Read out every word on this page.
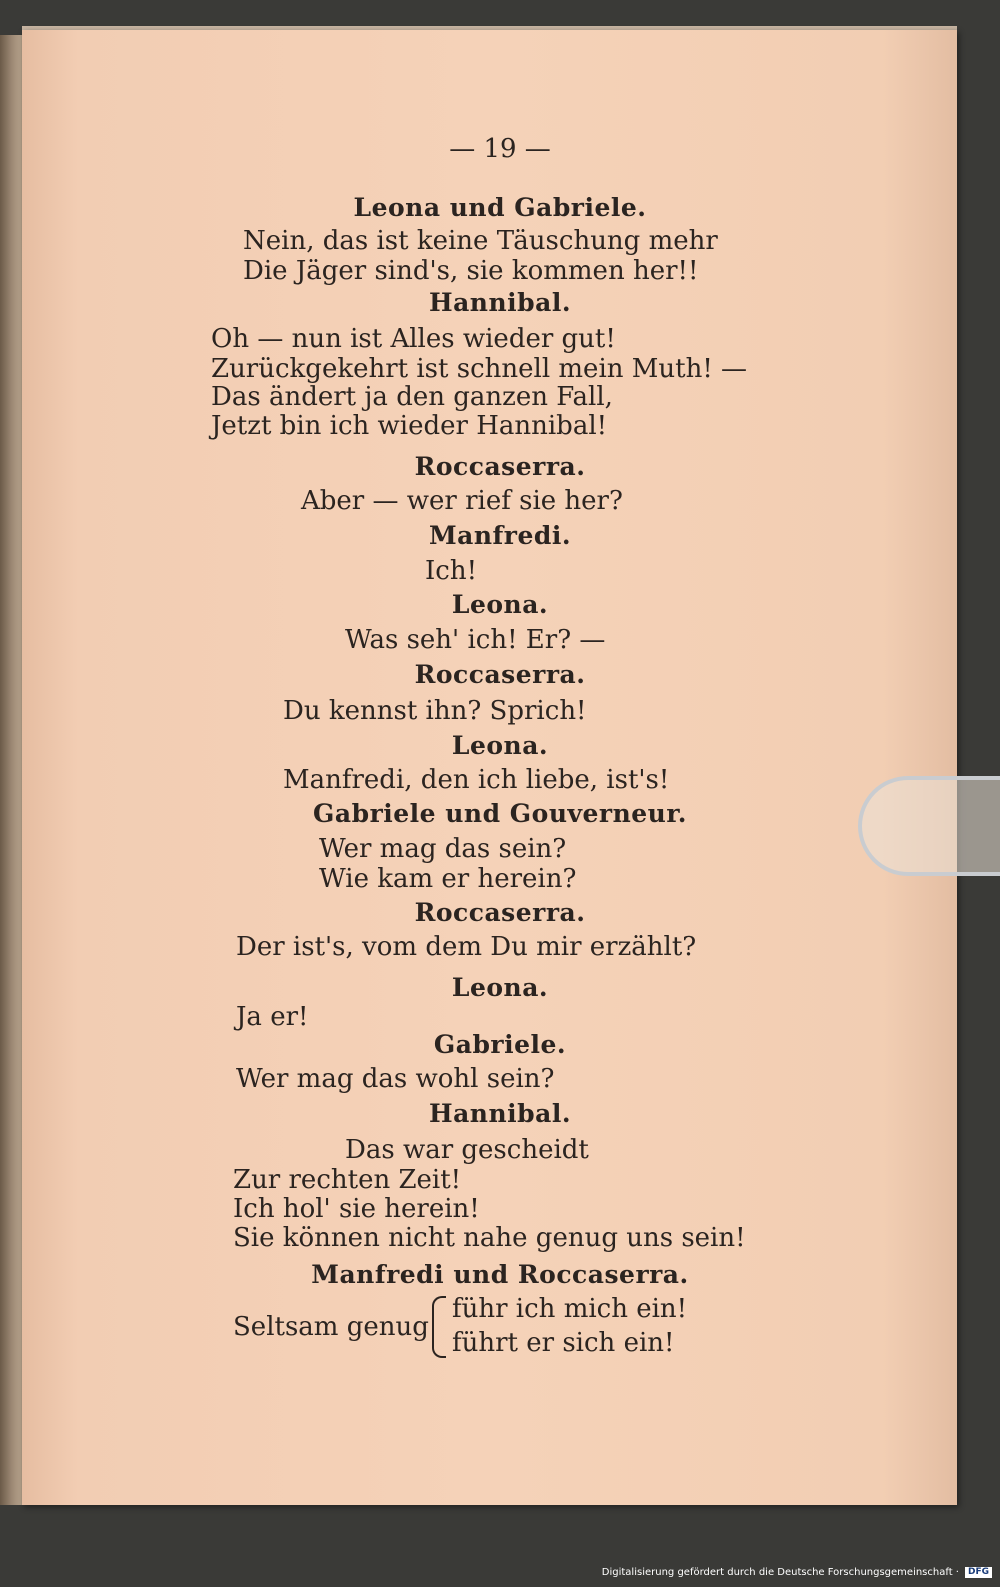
— 19 —
Leona und Gabriele.
Nein, das ist keine Täuschung mehr
Die Jäger sind's, sie kommen her!!
Hannibal.
Oh — nun ist Alles wieder gut!
Zurückgekehrt ist schnell mein Muth! —
Das ändert ja den ganzen Fall,
Jetzt bin ich wieder Hannibal!
Roccaserra.
Aber — wer rief sie her?
Manfredi.
Ich!
Leona.
Was seh' ich! Er? —
Roccaserra.
Du kennst ihn? Sprich!
Leona.
Manfredi, den ich liebe, ist's!
Gabriele und Gouverneur.
Wer mag das sein?
Wie kam er herein?
Roccaserra.
Der ist's, vom dem Du mir erzählt?
Leona.
Ja er!
Gabriele.
Wer mag das wohl sein?
Hannibal.
Das war gescheidt
Zur rechten Zeit!
Ich hol' sie herein!
Sie können nicht nahe genug uns sein!
Manfredi und Roccaserra.
Seltsam genug
führ ich mich ein!
führt er sich ein!
Digitalisierung gefördert durch die Deutsche Forschungsgemeinschaft ·	DFG
